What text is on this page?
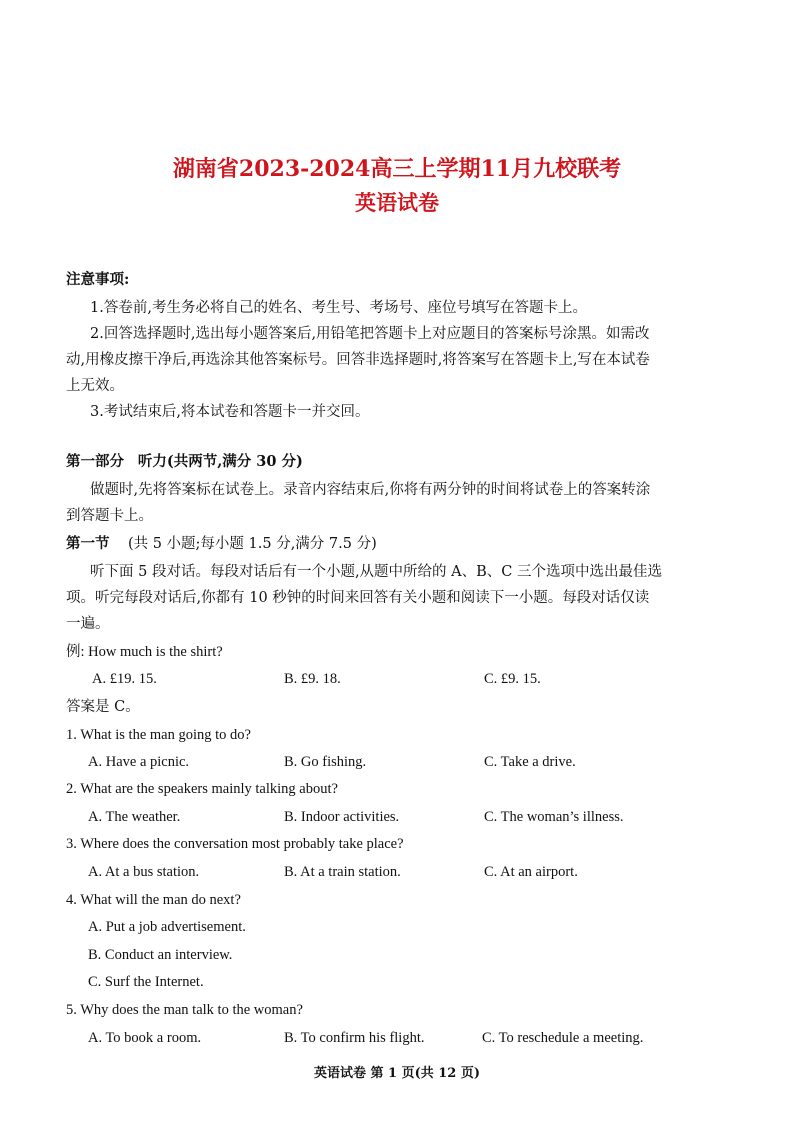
湖南省2023-2024高三上学期11月九校联考
英语试卷
注意事项:
1.答卷前,考生务必将自己的姓名、考生号、考场号、座位号填写在答题卡上。
2.回答选择题时,选出每小题答案后,用铅笔把答题卡上对应题目的答案标号涂黑。如需改
动,用橡皮擦干净后,再选涂其他答案标号。回答非选择题时,将答案写在答题卡上,写在本试卷
上无效。
3.考试结束后,将本试卷和答题卡一并交回。
第一部分 听力(共两节,满分 30 分)
做题时,先将答案标在试卷上。录音内容结束后,你将有两分钟的时间将试卷上的答案转涂
到答题卡上。
第一节 (共 5 小题;每小题 1.5 分,满分 7.5 分)
听下面 5 段对话。每段对话后有一个小题,从题中所给的 A、B、C 三个选项中选出最佳选
项。听完每段对话后,你都有 10 秒钟的时间来回答有关小题和阅读下一小题。每段对话仅读
一遍。
例: How much is the shirt?
A. £19. 15.	B. £9. 18.	C. £9. 15.
答案是 C。
1. What is the man going to do?
A. Have a picnic.	B. Go fishing.	C. Take a drive.
2. What are the speakers mainly talking about?
A. The weather.	B. Indoor activities.	C. The woman’s illness.
3. Where does the conversation most probably take place?
A. At a bus station.	B. At a train station.	C. At an airport.
4. What will the man do next?
A. Put a job advertisement.
B. Conduct an interview.
C. Surf the Internet.
5. Why does the man talk to the woman?
A. To book a room.	B. To confirm his flight.	C. To reschedule a meeting.
英语试卷 第 1 页(共 12 页)
